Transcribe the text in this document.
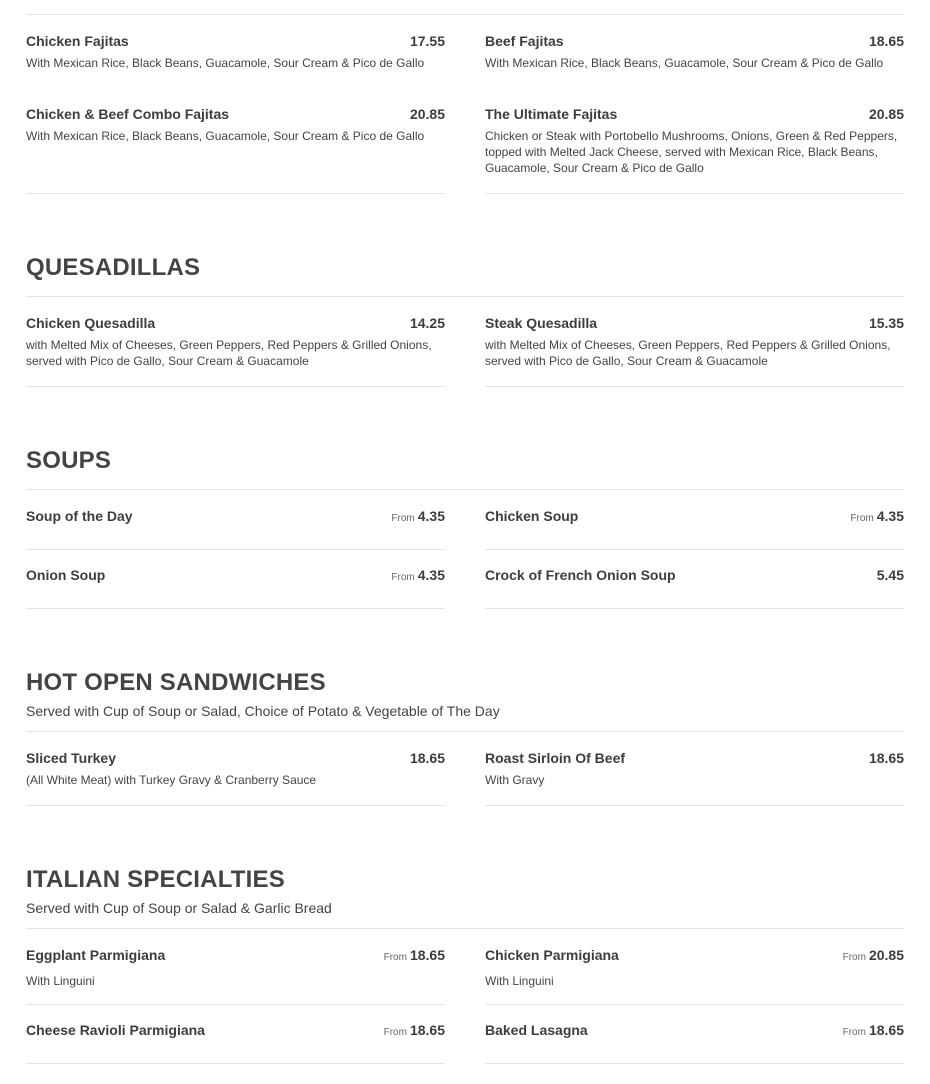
Chicken Fajitas	17.55
With Mexican Rice, Black Beans, Guacamole, Sour Cream & Pico de Gallo
Beef Fajitas	18.65
With Mexican Rice, Black Beans, Guacamole, Sour Cream & Pico de Gallo
Chicken & Beef Combo Fajitas	20.85
With Mexican Rice, Black Beans, Guacamole, Sour Cream & Pico de Gallo
The Ultimate Fajitas	20.85
Chicken or Steak with Portobello Mushrooms, Onions, Green & Red Peppers, topped with Melted Jack Cheese, served with Mexican Rice, Black Beans, Guacamole, Sour Cream & Pico de Gallo
QUESADILLAS
Chicken Quesadilla	14.25
with Melted Mix of Cheeses, Green Peppers, Red Peppers & Grilled Onions, served with Pico de Gallo, Sour Cream & Guacamole
Steak Quesadilla	15.35
with Melted Mix of Cheeses, Green Peppers, Red Peppers & Grilled Onions, served with Pico de Gallo, Sour Cream & Guacamole
SOUPS
Soup of the Day	From 4.35	Chicken Soup	From 4.35
Onion Soup	From 4.35	Crock of French Onion Soup	5.45
HOT OPEN SANDWICHES
Served with Cup of Soup or Salad, Choice of Potato & Vegetable of The Day
Sliced Turkey	18.65
(All White Meat) with Turkey Gravy & Cranberry Sauce
Roast Sirloin Of Beef	18.65
With Gravy
ITALIAN SPECIALTIES
Served with Cup of Soup or Salad & Garlic Bread
Eggplant Parmigiana	From 18.65
With Linguini
Chicken Parmigiana	From 20.85
With Linguini
Cheese Ravioli Parmigiana	From 18.65	Baked Lasagna	From 18.65
